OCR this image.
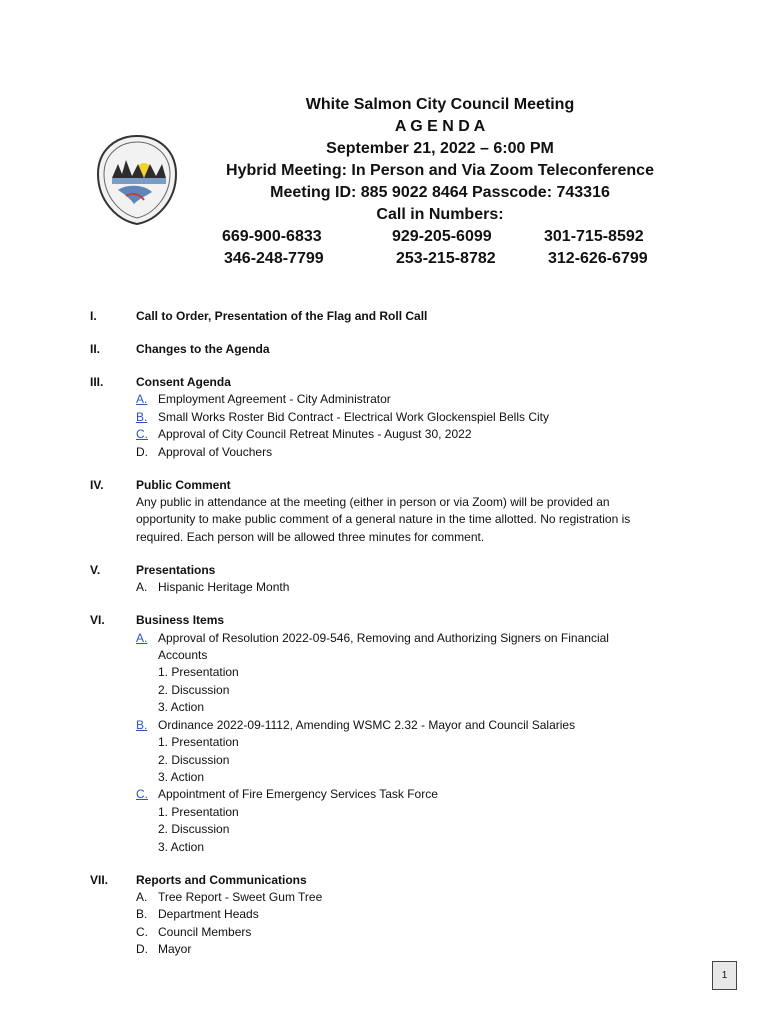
White Salmon City Council Meeting
A G E N D A
September 21, 2022 – 6:00 PM
Hybrid Meeting: In Person and Via Zoom Teleconference
Meeting ID: 885 9022 8464 Passcode: 743316
Call in Numbers:
669-900-6833	929-205-6099	301-715-8592
346-248-7799	253-215-8782	312-626-6799
I.	Call to Order, Presentation of the Flag and Roll Call
II.	Changes to the Agenda
III.	Consent Agenda
A. Employment Agreement - City Administrator
B. Small Works Roster Bid Contract - Electrical Work Glockenspiel Bells City
C. Approval of City Council Retreat Minutes - August 30, 2022
D. Approval of Vouchers
IV.	Public Comment
Any public in attendance at the meeting (either in person or via Zoom) will be provided an
opportunity to make public comment of a general nature in the time allotted. No registration is
required. Each person will be allowed three minutes for comment.
V.	Presentations
A. Hispanic Heritage Month
VI.	Business Items
A. Approval of Resolution 2022-09-546, Removing and Authorizing Signers on Financial
Accounts
1. Presentation
2. Discussion
3. Action
B. Ordinance 2022-09-1112, Amending WSMC 2.32 - Mayor and Council Salaries
1. Presentation
2. Discussion
3. Action
C. Appointment of Fire Emergency Services Task Force
1. Presentation
2. Discussion
3. Action
VII. Reports and Communications
A. Tree Report - Sweet Gum Tree
B. Department Heads
C. Council Members
D. Mayor
1
